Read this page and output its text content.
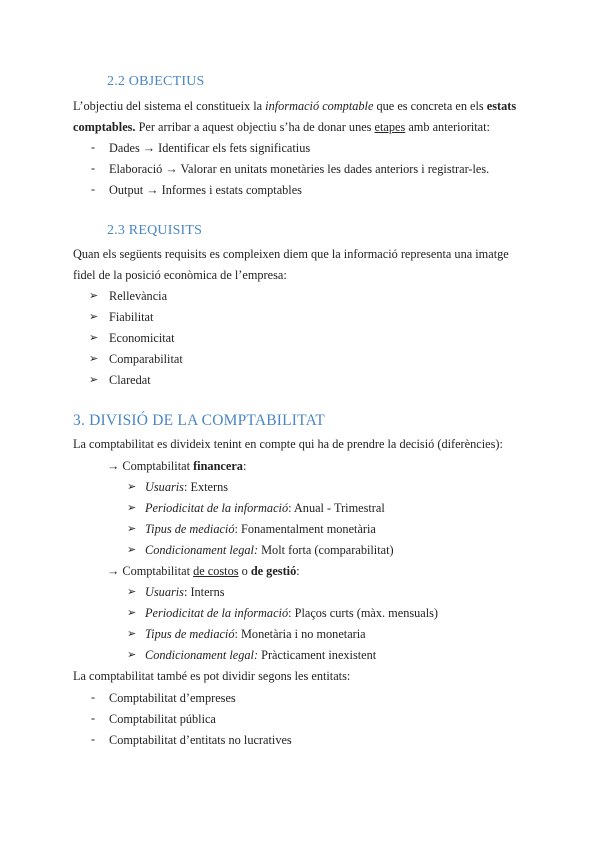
2.2 OBJECTIUS
L’objectiu del sistema el constitueix la informació comptable que es concreta en els estats
comptables. Per arribar a aquest objectiu s’ha de donar unes etapes amb anterioritat:
- Dades → Identificar els fets significatius
- Elaboració → Valorar en unitats monetàries les dades anteriors i registrar-les.
- Output → Informes i estats comptables
2.3 REQUISITS
Quan els següents requisits es compleixen diem que la informació representa una imatge
fidel de la posició econòmica de l’empresa:
➢ Rellevància
➢ Fiabilitat
➢ Economicitat
➢ Comparabilitat
➢ Claredat
3. DIVISIÓ DE LA COMPTABILITAT
La comptabilitat es divideix tenint en compte qui ha de prendre la decisió (diferències):
→ Comptabilitat financera:
➢ Usuaris: Externs
➢ Periodicitat de la informació: Anual - Trimestral
➢ Tipus de mediació: Fonamentalment monetària
➢ Condicionament legal: Molt forta (comparabilitat)
→ Comptabilitat de costos o de gestió:
➢ Usuaris: Interns
➢ Periodicitat de la informació: Plaços curts (màx. mensuals)
➢ Tipus de mediació: Monetària i no monetaria
➢ Condicionament legal: Pràcticament inexistent
La comptabilitat també es pot dividir segons les entitats:
- Comptabilitat d’empreses
- Comptabilitat pública
- Comptabilitat d’entitats no lucratives
